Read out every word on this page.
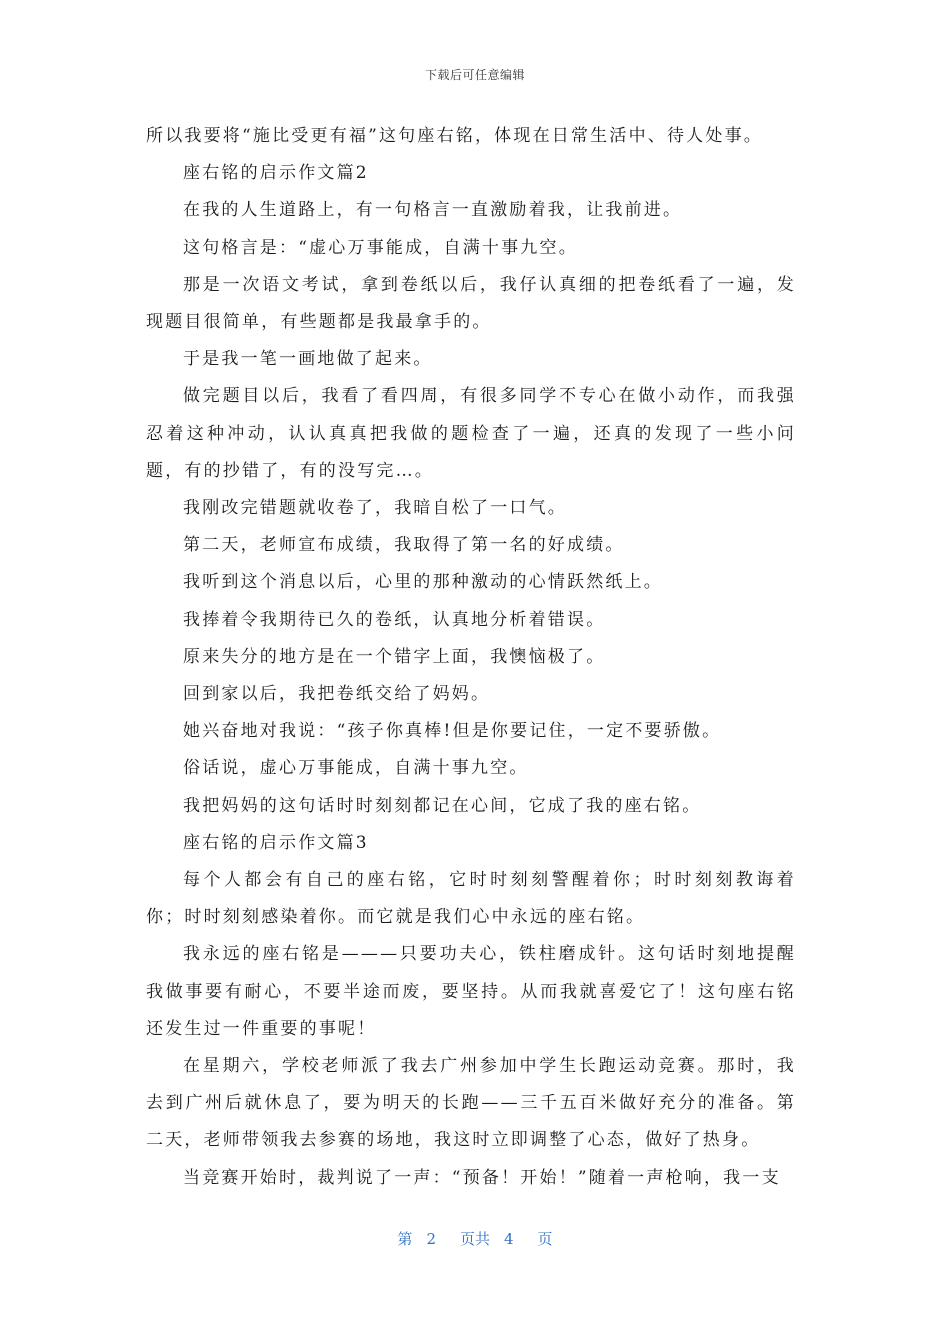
下载后可任意编辑

所以我要将“施比受更有福”这句座右铭，体现在日常生活中、待人处事。

座右铭的启示作文篇2

在我的人生道路上，有一句格言一直激励着我，让我前进。

这句格言是：“虚心万事能成，自满十事九空。

那是一次语文考试，拿到卷纸以后，我仔认真细的把卷纸看了一遍，发现题目很简单，有些题都是我最拿手的。

于是我一笔一画地做了起来。

做完题目以后，我看了看四周，有很多同学不专心在做小动作，而我强忍着这种冲动，认认真真把我做的题检查了一遍，还真的发现了一些小问题，有的抄错了，有的没写完…。

我刚改完错题就收卷了，我暗自松了一口气。

第二天，老师宣布成绩，我取得了第一名的好成绩。

我听到这个消息以后，心里的那种激动的心情跃然纸上。

我捧着令我期待已久的卷纸，认真地分析着错误。

原来失分的地方是在一个错字上面，我懊恼极了。

回到家以后，我把卷纸交给了妈妈。

她兴奋地对我说：“孩子你真棒!但是你要记住，一定不要骄傲。

俗话说，虚心万事能成，自满十事九空。

我把妈妈的这句话时时刻刻都记在心间，它成了我的座右铭。

座右铭的启示作文篇3

每个人都会有自己的座右铭，它时时刻刻警醒着你；时时刻刻教诲着你；时时刻刻感染着你。而它就是我们心中永远的座右铭。

我永远的座右铭是———只要功夫心，铁柱磨成针。这句话时刻地提醒我做事要有耐心，不要半途而废，要坚持。从而我就喜爱它了！这句座右铭还发生过一件重要的事呢！

在星期六，学校老师派了我去广州参加中学生长跑运动竞赛。那时，我去到广州后就休息了，要为明天的长跑——三千五百米做好充分的准备。第二天，老师带领我去参赛的场地，我这时立即调整了心态，做好了热身。

当竞赛开始时，裁判说了一声：“预备！开始！”随着一声枪响，我一支

第 2 页共 4 页
